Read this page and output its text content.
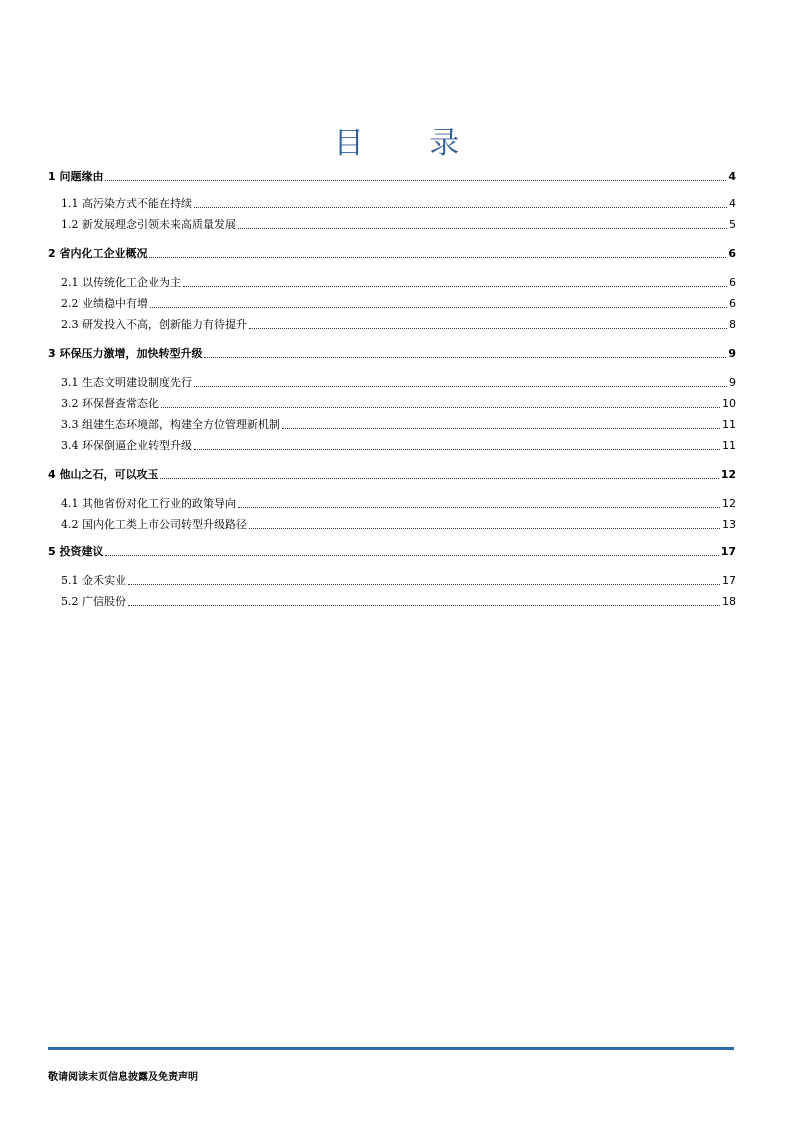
目 录
1 问题缘由	4
1.1 高污染方式不能在持续	4
1.2 新发展理念引领未来高质量发展	5
2 省内化工企业概况	6
2.1 以传统化工企业为主	6
2.2 业绩稳中有增	6
2.3 研发投入不高，创新能力有待提升	8
3 环保压力激增，加快转型升级	9
3.1 生态文明建设制度先行	9
3.2 环保督查常态化	10
3.3 组建生态环境部，构建全方位管理新机制	11
3.4 环保倒逼企业转型升级	11
4 他山之石，可以攻玉	12
4.1 其他省份对化工行业的政策导向	12
4.2 国内化工类上市公司转型升级路径	13
5 投资建议	17
5.1 金禾实业	17
5.2 广信股份	18
敬请阅读末页信息披露及免责声明
